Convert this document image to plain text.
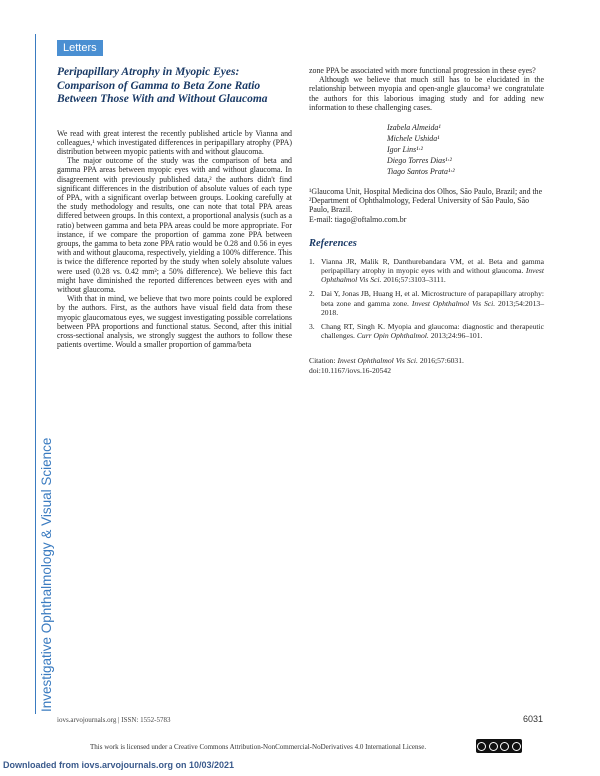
Investigative Ophthalmology & Visual Science
Letters
Peripapillary Atrophy in Myopic Eyes: Comparison of Gamma to Beta Zone Ratio Between Those With and Without Glaucoma

We read with great interest the recently published article by Vianna and colleagues,¹ which investigated differences in peripapillary atrophy (PPA) distribution between myopic patients with and without glaucoma.

The major outcome of the study was the comparison of beta and gamma PPA areas between myopic eyes with and without glaucoma. In disagreement with previously published data,² the authors didn't find significant differences in the distribution of absolute values of each type of PPA, with a significant overlap between groups. Looking carefully at the study methodology and results, one can note that total PPA areas differed between groups. In this context, a proportional analysis (such as a ratio) between gamma and beta PPA areas could be more appropriate. For instance, if we compare the proportion of gamma zone PPA between groups, the gamma to beta zone PPA ratio would be 0.28 and 0.56 in eyes with and without glaucoma, respectively, yielding a 100% difference. This is twice the difference reported by the study when solely absolute values were used (0.28 vs. 0.42 mm²; a 50% difference). We believe this fact might have diminished the reported differences between eyes with and without glaucoma.

With that in mind, we believe that two more points could be explored by the authors. First, as the authors have visual field data from these myopic glaucomatous eyes, we suggest investigating possible correlations between PPA proportions and functional status. Second, after this initial cross-sectional analysis, we strongly suggest the authors to follow these patients overtime. Would a smaller proportion of gamma/beta

zone PPA be associated with more functional progression in these eyes?

Although we believe that much still has to be elucidated in the relationship between myopia and open-angle glaucoma³ we congratulate the authors for this laborious imaging study and for adding new information to these challenging cases.

Izabela Almeida¹
Michele Ushida¹
Igor Lins¹·²
Diego Torres Dias¹·²
Tiago Santos Prata¹·²

¹Glaucoma Unit, Hospital Medicina dos Olhos, São Paulo, Brazil; and the ²Department of Ophthalmology, Federal University of São Paulo, São Paulo, Brazil.

E-mail: tiago@oftalmo.com.br

References
1. Vianna JR, Malik R, Danthurebandara VM, et al. Beta and gamma peripapillary atrophy in myopic eyes with and without glaucoma. Invest Ophthalmol Vis Sci. 2016;57:3103–3111.
2. Dai Y, Jonas JB, Huang H, et al. Microstructure of parapapillary atrophy: beta zone and gamma zone. Invest Ophthalmol Vis Sci. 2013;54:2013–2018.
3. Chang RT, Singh K. Myopia and glaucoma: diagnostic and therapeutic challenges. Curr Opin Ophthalmol. 2013;24:96–101.
Citation: Invest Ophthalmol Vis Sci. 2016;57:6031.
doi:10.1167/iovs.16-20542
iovs.arvojournals.org | ISSN: 1552-5783	6031
This work is licensed under a Creative Commons Attribution-NonCommercial-NoDerivatives 4.0 International License.
Downloaded from iovs.arvojournals.org on 10/03/2021
